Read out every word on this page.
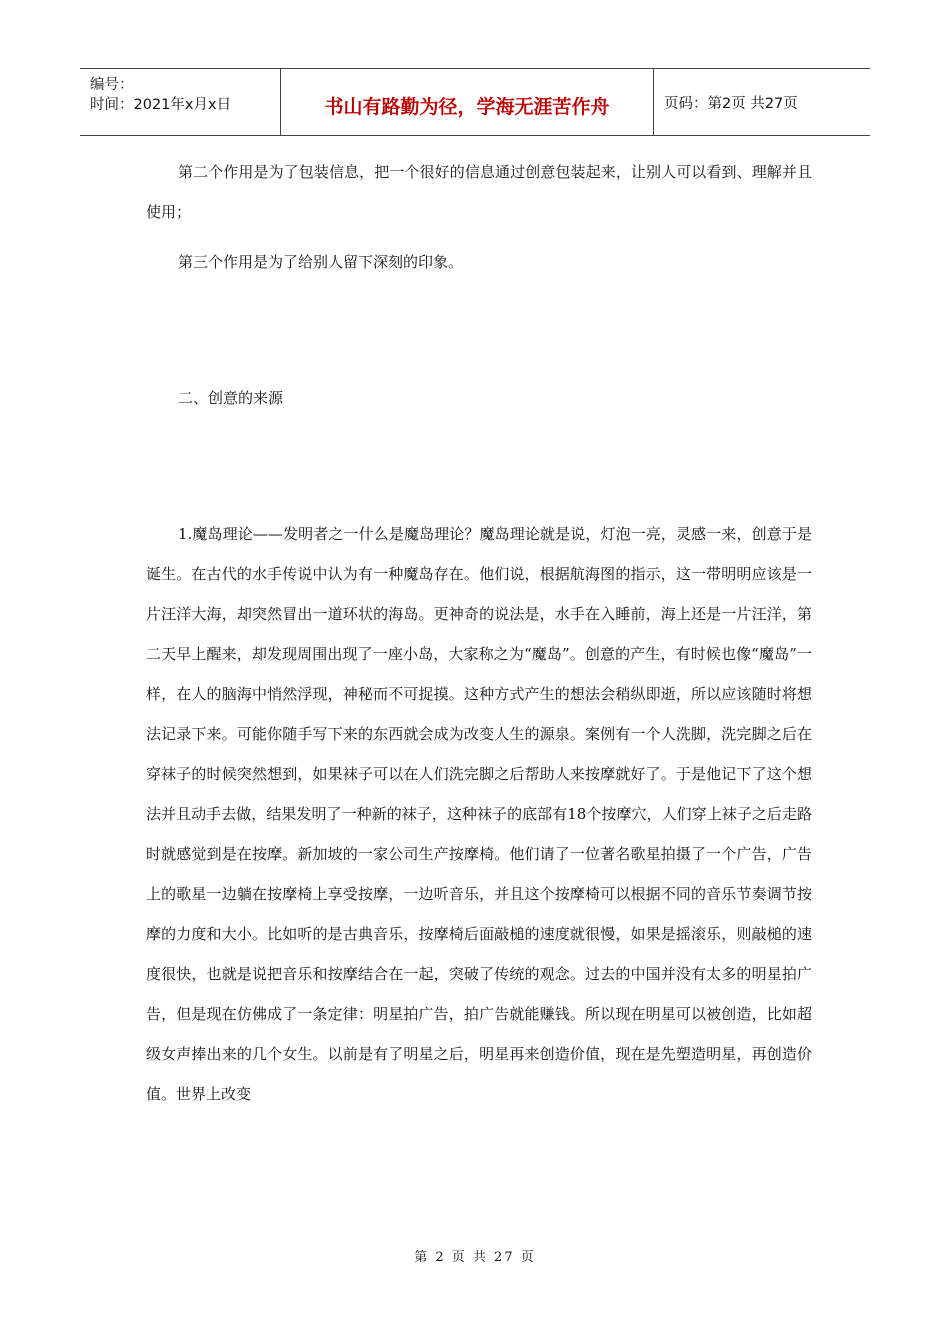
编号：
时间：2021年x月x日	书山有路勤为径，学海无涯苦作舟	页码：第2页 共27页

第二个作用是为了包装信息，把一个很好的信息通过创意包装起来，让别人可以看到、理解并且使用；

第三个作用是为了给别人留下深刻的印象。

二、创意的来源

1.魔岛理论——发明者之一什么是魔岛理论？魔岛理论就是说，灯泡一亮，灵感一来，创意于是诞生。在古代的水手传说中认为有一种魔岛存在。他们说，根据航海图的指示，这一带明明应该是一片汪洋大海，却突然冒出一道环状的海岛。更神奇的说法是，水手在入睡前，海上还是一片汪洋，第二天早上醒来，却发现周围出现了一座小岛，大家称之为“魔岛”。创意的产生，有时候也像“魔岛”一样，在人的脑海中悄然浮现，神秘而不可捉摸。这种方式产生的想法会稍纵即逝，所以应该随时将想法记录下来。可能你随手写下来的东西就会成为改变人生的源泉。案例有一个人洗脚，洗完脚之后在穿袜子的时候突然想到，如果袜子可以在人们洗完脚之后帮助人来按摩就好了。于是他记下了这个想法并且动手去做，结果发明了一种新的袜子，这种袜子的底部有18个按摩穴，人们穿上袜子之后走路时就感觉到是在按摩。新加坡的一家公司生产按摩椅。他们请了一位著名歌星拍摄了一个广告，广告上的歌星一边躺在按摩椅上享受按摩，一边听音乐，并且这个按摩椅可以根据不同的音乐节奏调节按摩的力度和大小。比如听的是古典音乐，按摩椅后面敲槌的速度就很慢，如果是摇滚乐，则敲槌的速度很快，也就是说把音乐和按摩结合在一起，突破了传统的观念。过去的中国并没有太多的明星拍广告，但是现在仿佛成了一条定律：明星拍广告，拍广告就能赚钱。所以现在明星可以被创造，比如超级女声捧出来的几个女生。以前是有了明星之后，明星再来创造价值，现在是先塑造明星，再创造价值。世界上改变

第 2 页 共 27 页
